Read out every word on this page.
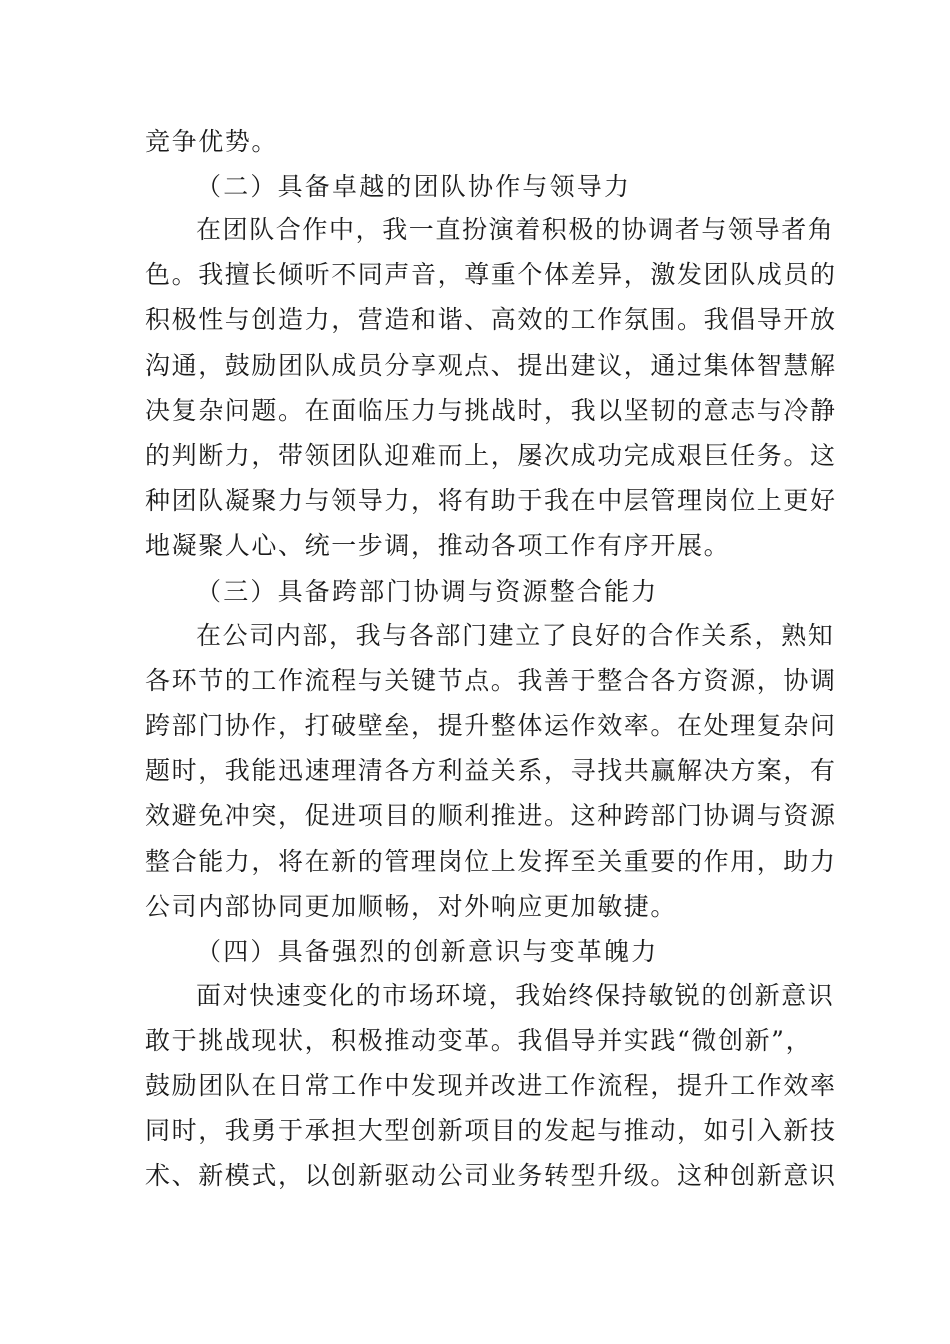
竞争优势。
（二）具备卓越的团队协作与领导力
在团队合作中，我一直扮演着积极的协调者与领导者角
色。我擅长倾听不同声音，尊重个体差异，激发团队成员的
积极性与创造力，营造和谐、高效的工作氛围。我倡导开放
沟通，鼓励团队成员分享观点、提出建议，通过集体智慧解
决复杂问题。在面临压力与挑战时，我以坚韧的意志与冷静
的判断力，带领团队迎难而上，屡次成功完成艰巨任务。这
种团队凝聚力与领导力，将有助于我在中层管理岗位上更好
地凝聚人心、统一步调，推动各项工作有序开展。
（三）具备跨部门协调与资源整合能力
在公司内部，我与各部门建立了良好的合作关系，熟知
各环节的工作流程与关键节点。我善于整合各方资源，协调
跨部门协作，打破壁垒，提升整体运作效率。在处理复杂问
题时，我能迅速理清各方利益关系，寻找共赢解决方案，有
效避免冲突，促进项目的顺利推进。这种跨部门协调与资源
整合能力，将在新的管理岗位上发挥至关重要的作用，助力
公司内部协同更加顺畅，对外响应更加敏捷。
（四）具备强烈的创新意识与变革魄力
面对快速变化的市场环境，我始终保持敏锐的创新意识
敢于挑战现状，积极推动变革。我倡导并实践“微创新”，
鼓励团队在日常工作中发现并改进工作流程，提升工作效率
同时，我勇于承担大型创新项目的发起与推动，如引入新技
术、新模式，以创新驱动公司业务转型升级。这种创新意识
